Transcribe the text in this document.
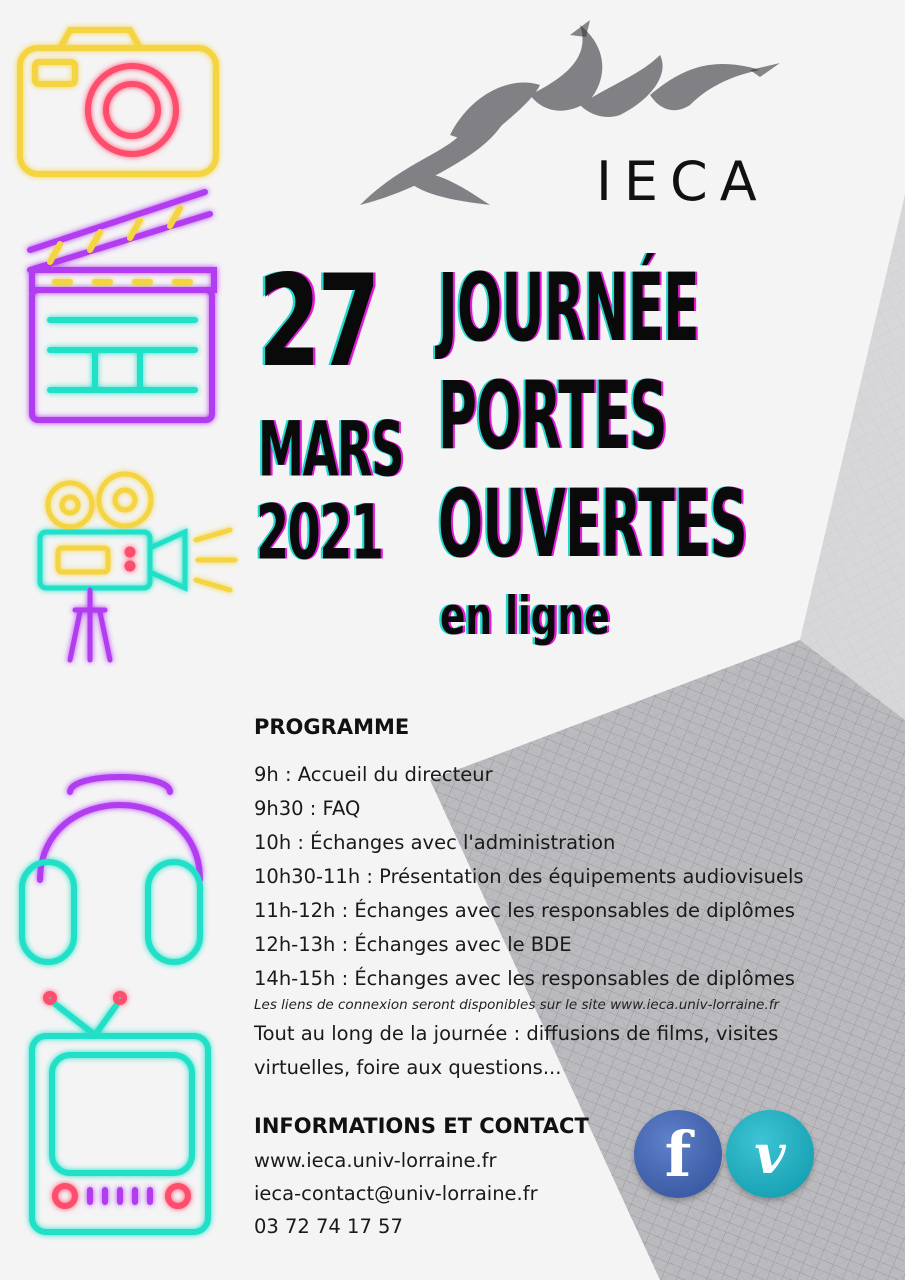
IECA
27
MARS
2021
JOURNÉE
PORTES
OUVERTES
en ligne
PROGRAMME
9h : Accueil du directeur
9h30 : FAQ
10h : Échanges avec l'administration
10h30-11h : Présentation des équipements audiovisuels
11h-12h : Échanges avec les responsables de diplômes
12h-13h : Échanges avec le BDE
14h-15h : Échanges avec les responsables de diplômes
Les liens de connexion seront disponibles sur le site www.ieca.univ-lorraine.fr
Tout au long de la journée : diffusions de films, visites
virtuelles, foire aux questions...
INFORMATIONS ET CONTACT
www.ieca.univ-lorraine.fr
ieca-contact@univ-lorraine.fr
03 72 74 17 57
f v
